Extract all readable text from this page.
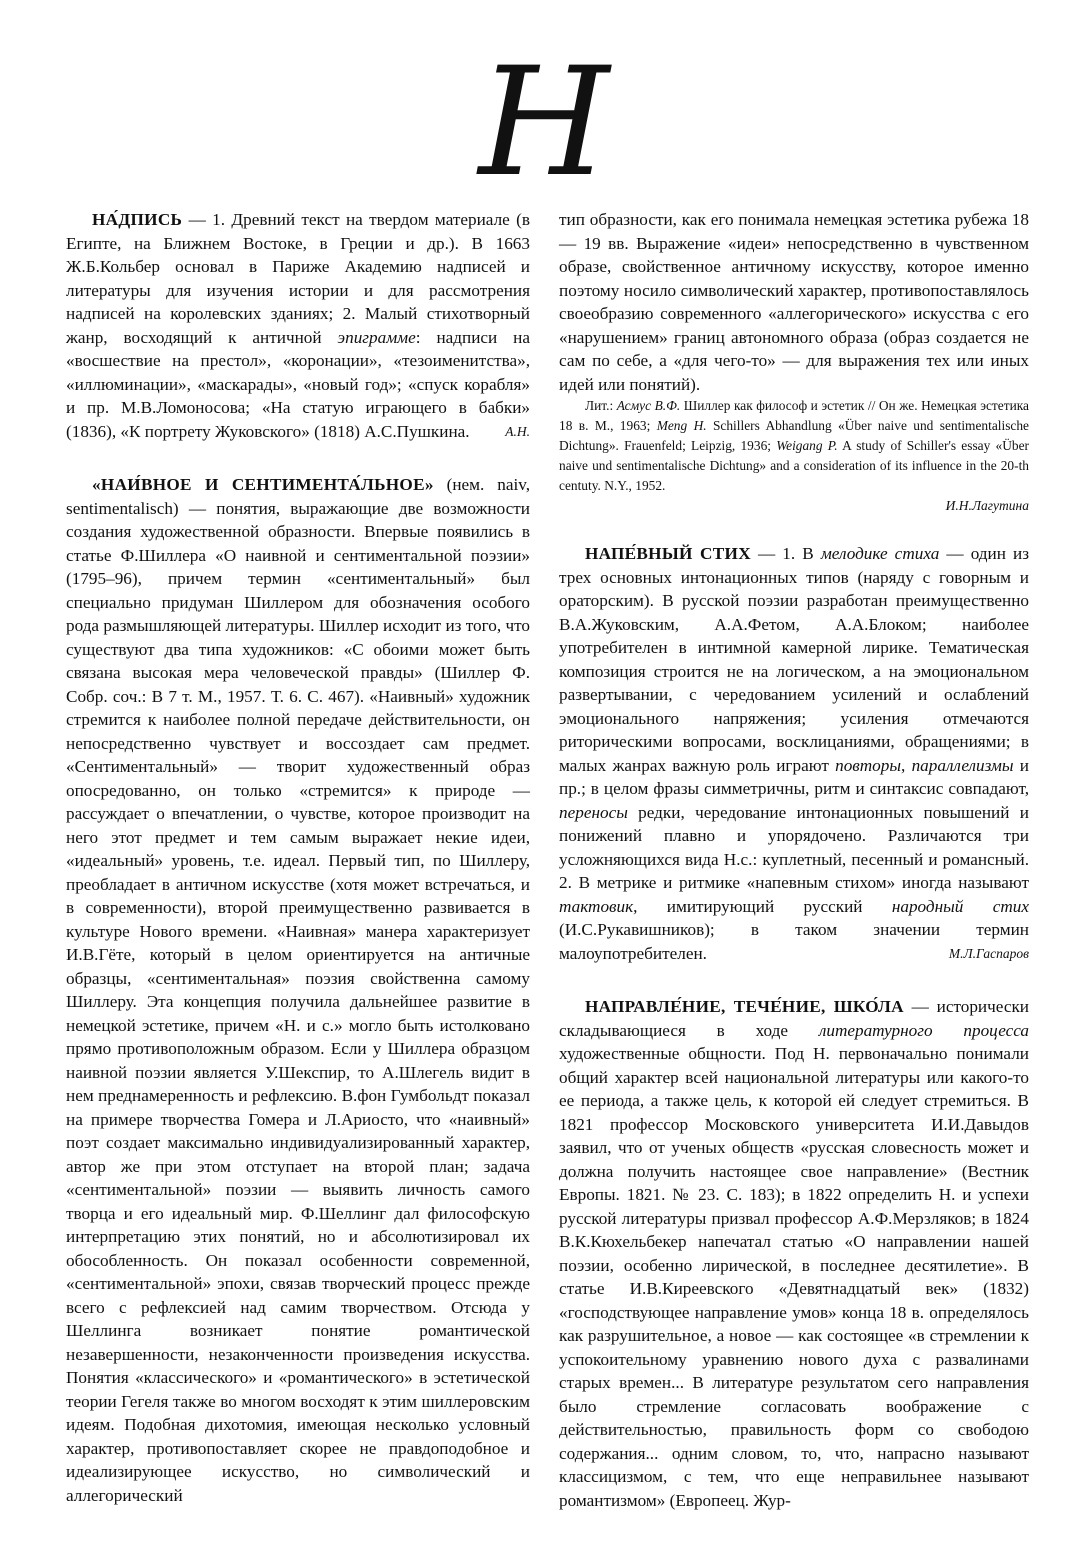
Н

НА́ДПИСЬ — 1. Древний текст на твердом материале (в Египте, на Ближнем Востоке, в Греции и др.). В 1663 Ж.Б.Кольбер основал в Париже Академию надписей и литературы для изучения истории и для рассмотрения надписей на королевских зданиях; 2. Малый стихотворный жанр, восходящий к античной эпиграмме: надписи на «восшествие на престол», «коронации», «тезоименитства», «иллюминации», «маскарады», «новый год»; «спуск корабля» и пр. М.В.Ломоносова; «На статую играющего в бабки» (1836), «К портрету Жуковского» (1818) А.С.Пушкина.	А.Н.

«НАИ́ВНОЕ И СЕНТИМЕНТА́ЛЬНОЕ» (нем. naiv, sentimentalisch) — понятия, выражающие две возможности создания художественной образности. Впервые появились в статье Ф.Шиллера «О наивной и сентиментальной поэзии» (1795–96), причем термин «сентиментальный» был специально придуман Шиллером для обозначения особого рода размышляющей литературы. Шиллер исходит из того, что существуют два типа художников: «С обоими может быть связана высокая мера человеческой правды» (Шиллер Ф. Собр. соч.: В 7 т. М., 1957. Т. 6. С. 467). «Наивный» художник стремится к наиболее полной передаче действительности, он непосредственно чувствует и воссоздает сам предмет. «Сентиментальный» — творит художественный образ опосредованно, он только «стремится» к природе — рассуждает о впечатлении, о чувстве, которое производит на него этот предмет и тем самым выражает некие идеи, «идеальный» уровень, т.е. идеал. Первый тип, по Шиллеру, преобладает в античном искусстве (хотя может встречаться, и в современности), второй преимущественно развивается в культуре Нового времени. «Наивная» манера характеризует И.В.Гёте, который в целом ориентируется на античные образцы, «сентиментальная» поэзия свойственна самому Шиллеру. Эта концепция получила дальнейшее развитие в немецкой эстетике, причем «Н. и с.» могло быть истолковано прямо противоположным образом. Если у Шиллера образцом наивной поэзии является У.Шекспир, то А.Шлегель видит в нем преднамеренность и рефлексию. В.фон Гумбольдт показал на примере творчества Гомера и Л.Ариосто, что «наивный» поэт создает максимально индивидуализированный характер, автор же при этом отступает на второй план; задача «сентиментальной» поэзии — выявить личность самого творца и его идеальный мир. Ф.Шеллинг дал философскую интерпретацию этих понятий, но и абсолютизировал их обособленность. Он показал особенности современной, «сентиментальной» эпохи, связав творческий процесс прежде всего с рефлексией над самим творчеством. Отсюда у Шеллинга возникает понятие романтической незавершенности, незаконченности произведения искусства. Понятия «классического» и «романтического» в эстетической теории Гегеля также во многом восходят к этим шиллеровским идеям. Подобная дихотомия, имеющая несколько условный характер, противопоставляет скорее не правдоподобное и идеализирующее искусство, но символический и аллегорический

тип образности, как его понимала немецкая эстетика рубежа 18 — 19 вв. Выражение «идеи» непосредственно в чувственном образе, свойственное античному искусству, которое именно поэтому носило символический характер, противопоставлялось своеобразию современного «аллегорического» искусства с его «нарушением» границ автономного образа (образ создается не сам по себе, а «для чего-то» — для выражения тех или иных идей или понятий).

Лит.: Асмус В.Ф. Шиллер как философ и эстетик // Он же. Немецкая эстетика 18 в. М., 1963; Meng H. Schillers Abhandlung «Über naive und sentimentalische Dichtung». Frauenfeld; Leipzig, 1936; Weigang P. A study of Schiller's essay «Über naive und sentimentalische Dichtung» and a consideration of its influence in the 20-th centuty. N.Y., 1952.

И.Н.Лагутина

НАПЕ́ВНЫЙ СТИХ — 1. В мелодике стиха — один из трех основных интонационных типов (наряду с говорным и ораторским). В русской поэзии разработан преимущественно В.А.Жуковским, А.А.Фетом, А.А.Блоком; наиболее употребителен в интимной камерной лирике. Тематическая композиция строится не на логическом, а на эмоциональном развертывании, с чередованием усилений и ослаблений эмоционального напряжения; усиления отмечаются риторическими вопросами, восклицаниями, обращениями; в малых жанрах важную роль играют повторы, параллелизмы и пр.; в целом фразы симметричны, ритм и синтаксис совпадают, переносы редки, чередование интонационных повышений и понижений плавно и упорядочено. Различаются три усложняющихся вида Н.с.: куплетный, песенный и романсный. 2. В метрике и ритмике «напевным стихом» иногда называют тактовик, имитирующий русский народный стих (И.С.Рукавишников); в таком значении термин малоупотребителен.	М.Л.Гаспаров

НАПРАВЛЕ́НИЕ, ТЕЧЕ́НИЕ, ШКО́ЛА — исторически складывающиеся в ходе литературного процесса художественные общности. Под Н. первоначально понимали общий характер всей национальной литературы или какого-то ее периода, а также цель, к которой ей следует стремиться. В 1821 профессор Московского университета И.И.Давыдов заявил, что от ученых обществ «русская словесность может и должна получить настоящее свое направление» (Вестник Европы. 1821. № 23. С. 183); в 1822 определить Н. и успехи русской литературы призвал профессор А.Ф.Мерзляков; в 1824 В.К.Кюхельбекер напечатал статью «О направлении нашей поэзии, особенно лирической, в последнее десятилетие». В статье И.В.Киреевского «Девятнадцатый век» (1832) «господствующее направление умов» конца 18 в. определялось как разрушительное, а новое — как состоящее «в стремлении к успокоительному уравнению нового духа с развалинами старых времен... В литературе результатом сего направления было стремление согласовать воображение с действительностью, правильность форм со свободою содержания... одним словом, то, что, напрасно называют классицизмом, с тем, что еще неправильнее называют романтизмом» (Европеец. Жур-
